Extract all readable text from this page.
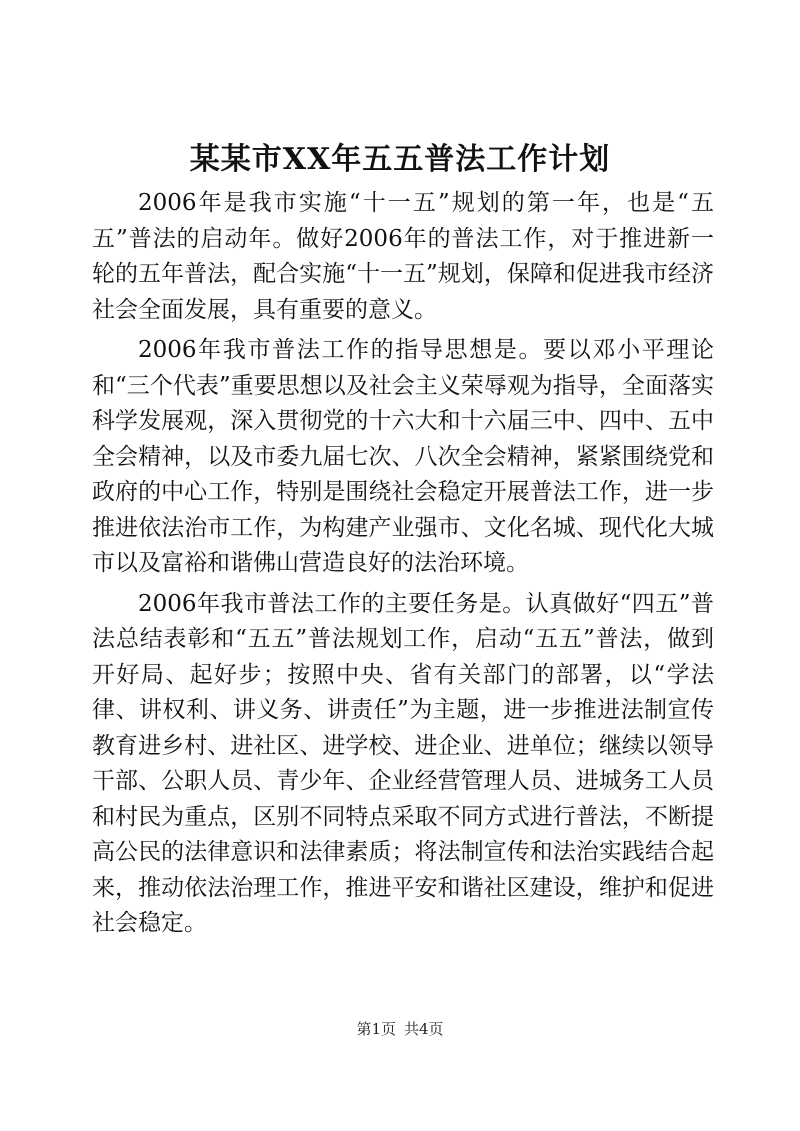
某某市XX年五五普法工作计划

2006年是我市实施“十一五”规划的第一年，也是“五五”普法的启动年。做好2006年的普法工作，对于推进新一轮的五年普法，配合实施“十一五”规划，保障和促进我市经济社会全面发展，具有重要的意义。

2006年我市普法工作的指导思想是。要以邓小平理论和“三个代表”重要思想以及社会主义荣辱观为指导，全面落实科学发展观，深入贯彻党的十六大和十六届三中、四中、五中全会精神，以及市委九届七次、八次全会精神，紧紧围绕党和政府的中心工作，特别是围绕社会稳定开展普法工作，进一步推进依法治市工作，为构建产业强市、文化名城、现代化大城市以及富裕和谐佛山营造良好的法治环境。

2006年我市普法工作的主要任务是。认真做好“四五”普法总结表彰和“五五”普法规划工作，启动“五五”普法，做到开好局、起好步；按照中央、省有关部门的部署，以“学法律、讲权利、讲义务、讲责任”为主题，进一步推进法制宣传教育进乡村、进社区、进学校、进企业、进单位；继续以领导干部、公职人员、青少年、企业经营管理人员、进城务工人员和村民为重点，区别不同特点采取不同方式进行普法，不断提高公民的法律意识和法律素质；将法制宣传和法治实践结合起来，推动依法治理工作，推进平安和谐社区建设，维护和促进社会稳定。

第1页 共4页
